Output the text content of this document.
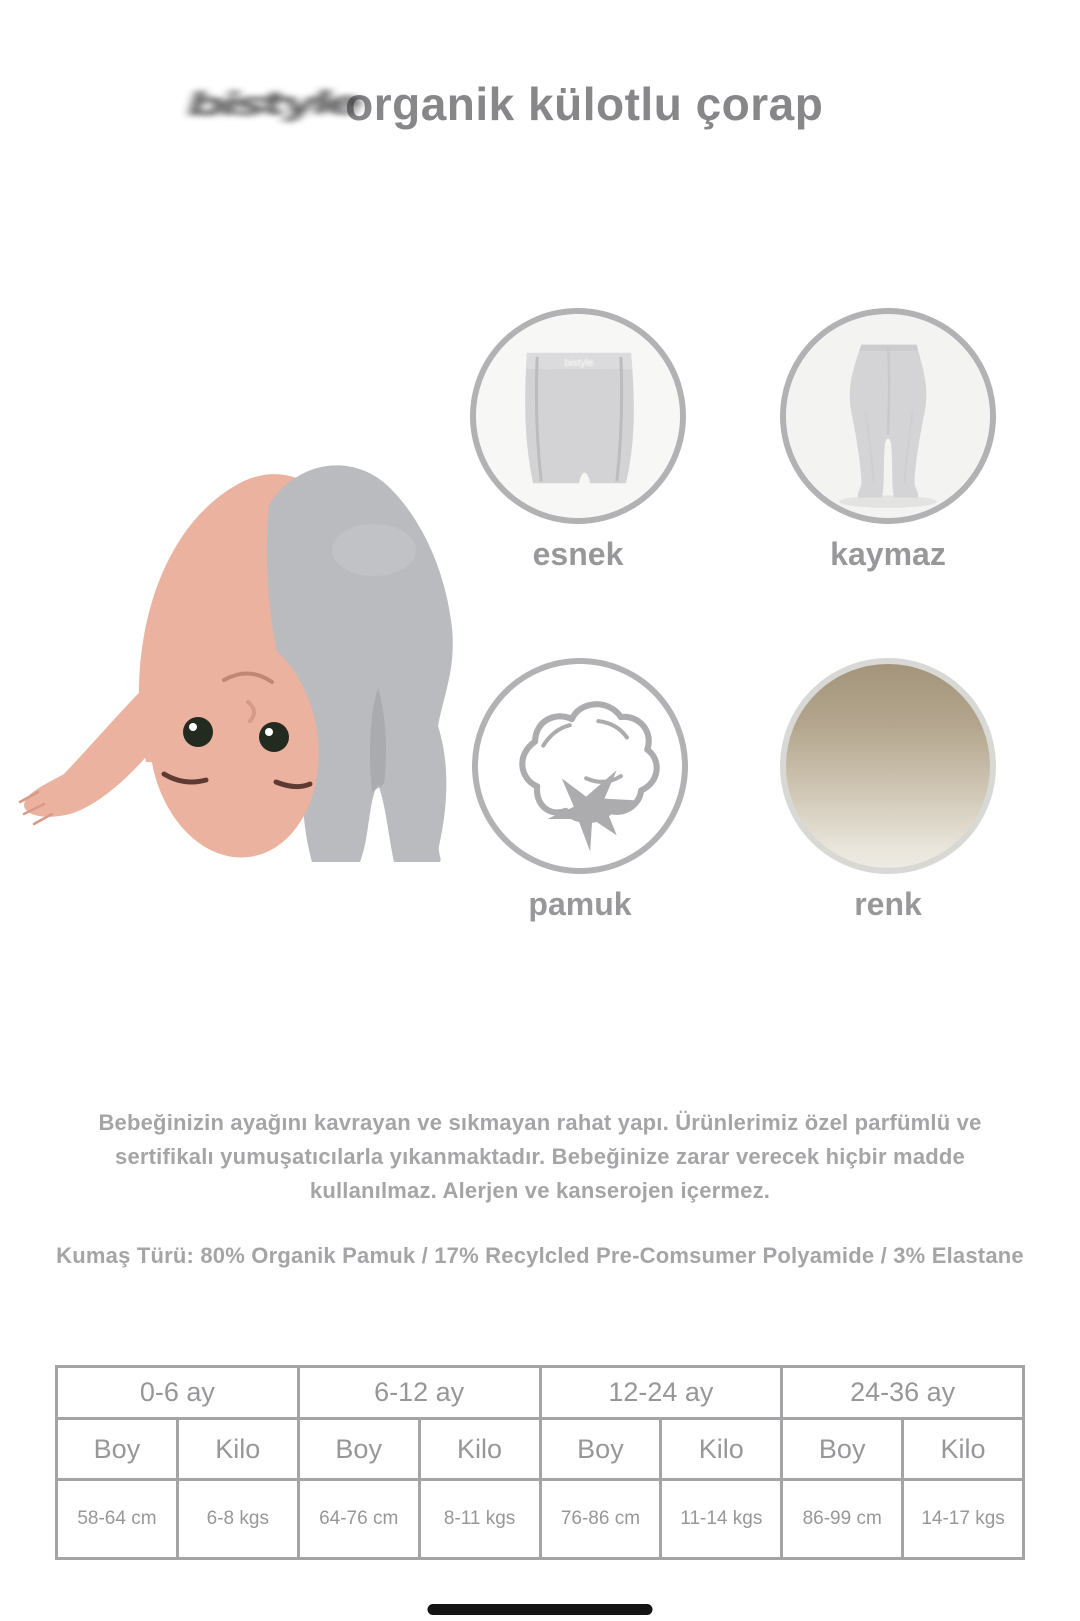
bistyle
organik külotlu çorap
bistyle
esnek	kaymaz
pamuk	renk

Bebeğinizin ayağını kavrayan ve sıkmayan rahat yapı. Ürünlerimiz özel parfümlü ve sertifikalı yumuşatıcılarla yıkanmaktadır. Bebeğinize zarar verecek hiçbir madde kullanılmaz. Alerjen ve kanserojen içermez.

Kumaş Türü: 80% Organik Pamuk / 17% Recylcled Pre-Comsumer Polyamide / 3% Elastane

0-6 ay		6-12 ay		12-24 ay		24-36 ay	
Boy	Kilo	Boy	Kilo	Boy	Kilo	Boy	Kilo
58-64 cm	6-8 kgs	64-76 cm	8-11 kgs	76-86 cm	11-14 kgs	86-99 cm	14-17 kgs
